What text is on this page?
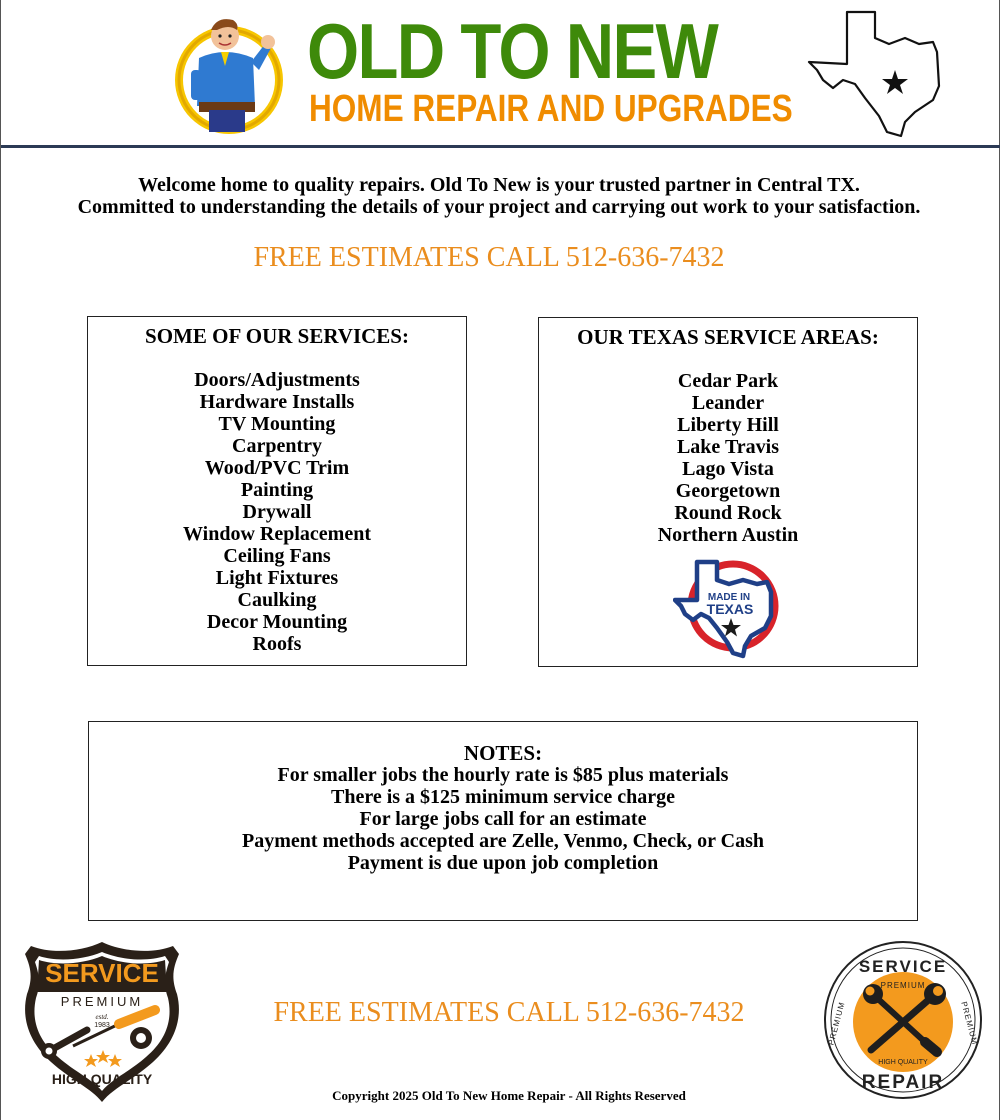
OLD TO NEW
HOME REPAIR AND UPGRADES
Welcome home to quality repairs. Old To New is your trusted partner in Central TX.
Committed to understanding the details of your project and carrying out work to your satisfaction.
FREE ESTIMATES CALL 512-636-7432
SOME OF OUR SERVICES:
Doors/Adjustments
Hardware Installs
TV Mounting
Carpentry
Wood/PVC Trim
Painting
Drywall
Window Replacement
Ceiling Fans
Light Fixtures
Caulking
Decor Mounting
Roofs
OUR TEXAS SERVICE AREAS:
Cedar Park
Leander
Liberty Hill
Lake Travis
Lago Vista
Georgetown
Round Rock
Northern Austin
MADE IN
TEXAS
NOTES:
For smaller jobs the hourly rate is $85 plus materials
There is a $125 minimum service charge
For large jobs call for an estimate
Payment methods accepted are Zelle, Venmo, Check, or Cash
Payment is due upon job completion
SERVICE
PREMIUM
estd.
1983
HIGH QUALITY
FREE ESTIMATES CALL 512-636-7432
SERVICE
PREMIUM
PREMIUM	PREMIUM
HIGH QUALITY
REPAIR
Copyright 2025 Old To New Home Repair - All Rights Reserved
